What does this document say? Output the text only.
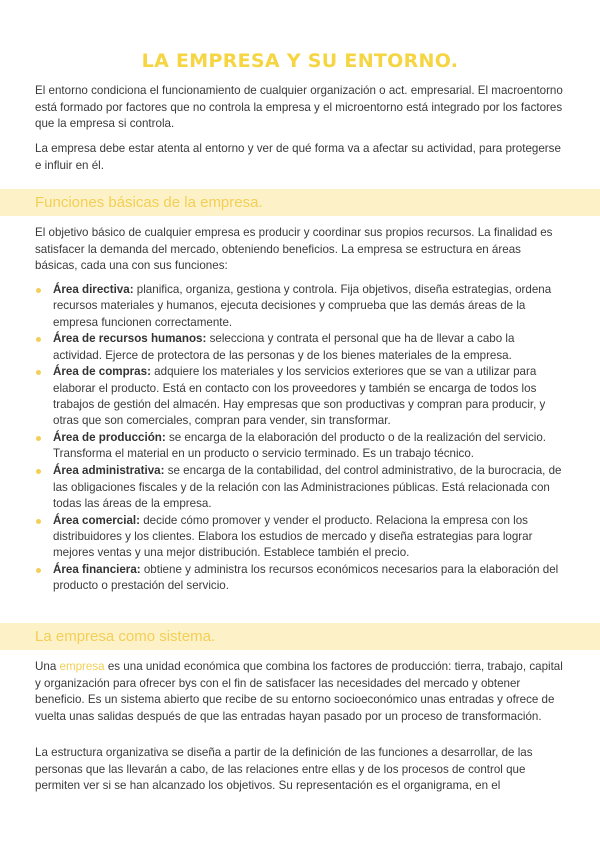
LA EMPRESA Y SU ENTORNO.

El entorno condiciona el funcionamiento de cualquier organización o act. empresarial. El macroentorno está formado por factores que no controla la empresa y el microentorno está integrado por los factores que la empresa si controla.

La empresa debe estar atenta al entorno y ver de qué forma va a afectar su actividad, para protegerse e influir en él.

Funciones básicas de la empresa.

El objetivo básico de cualquier empresa es producir y coordinar sus propios recursos. La finalidad es satisfacer la demanda del mercado, obteniendo beneficios. La empresa se estructura en áreas básicas, cada una con sus funciones:

Área directiva: planifica, organiza, gestiona y controla. Fija objetivos, diseña estrategias, ordena recursos materiales y humanos, ejecuta decisiones y comprueba que las demás áreas de la empresa funcionen correctamente.
Área de recursos humanos: selecciona y contrata el personal que ha de llevar a cabo la actividad. Ejerce de protectora de las personas y de los bienes materiales de la empresa.
Área de compras: adquiere los materiales y los servicios exteriores que se van a utilizar para elaborar el producto. Está en contacto con los proveedores y también se encarga de todos los trabajos de gestión del almacén. Hay empresas que son productivas y compran para producir, y otras que son comerciales, compran para vender, sin transformar.
Área de producción: se encarga de la elaboración del producto o de la realización del servicio. Transforma el material en un producto o servicio terminado. Es un trabajo técnico.
Área administrativa: se encarga de la contabilidad, del control administrativo, de la burocracia, de las obligaciones fiscales y de la relación con las Administraciones públicas. Está relacionada con todas las áreas de la empresa.
Área comercial: decide cómo promover y vender el producto. Relaciona la empresa con los distribuidores y los clientes. Elabora los estudios de mercado y diseña estrategias para lograr mejores ventas y una mejor distribución. Establece también el precio.
Área financiera: obtiene y administra los recursos económicos necesarios para la elaboración del producto o prestación del servicio.
La empresa como sistema.

Una empresa es una unidad económica que combina los factores de producción: tierra, trabajo, capital y organización para ofrecer bys con el fin de satisfacer las necesidades del mercado y obtener beneficio. Es un sistema abierto que recibe de su entorno socioeconómico unas entradas y ofrece de vuelta unas salidas después de que las entradas hayan pasado por un proceso de transformación.

La estructura organizativa se diseña a partir de la definición de las funciones a desarrollar, de las personas que las llevarán a cabo, de las relaciones entre ellas y de los procesos de control que permiten ver si se han alcanzado los objetivos. Su representación es el organigrama, en el
